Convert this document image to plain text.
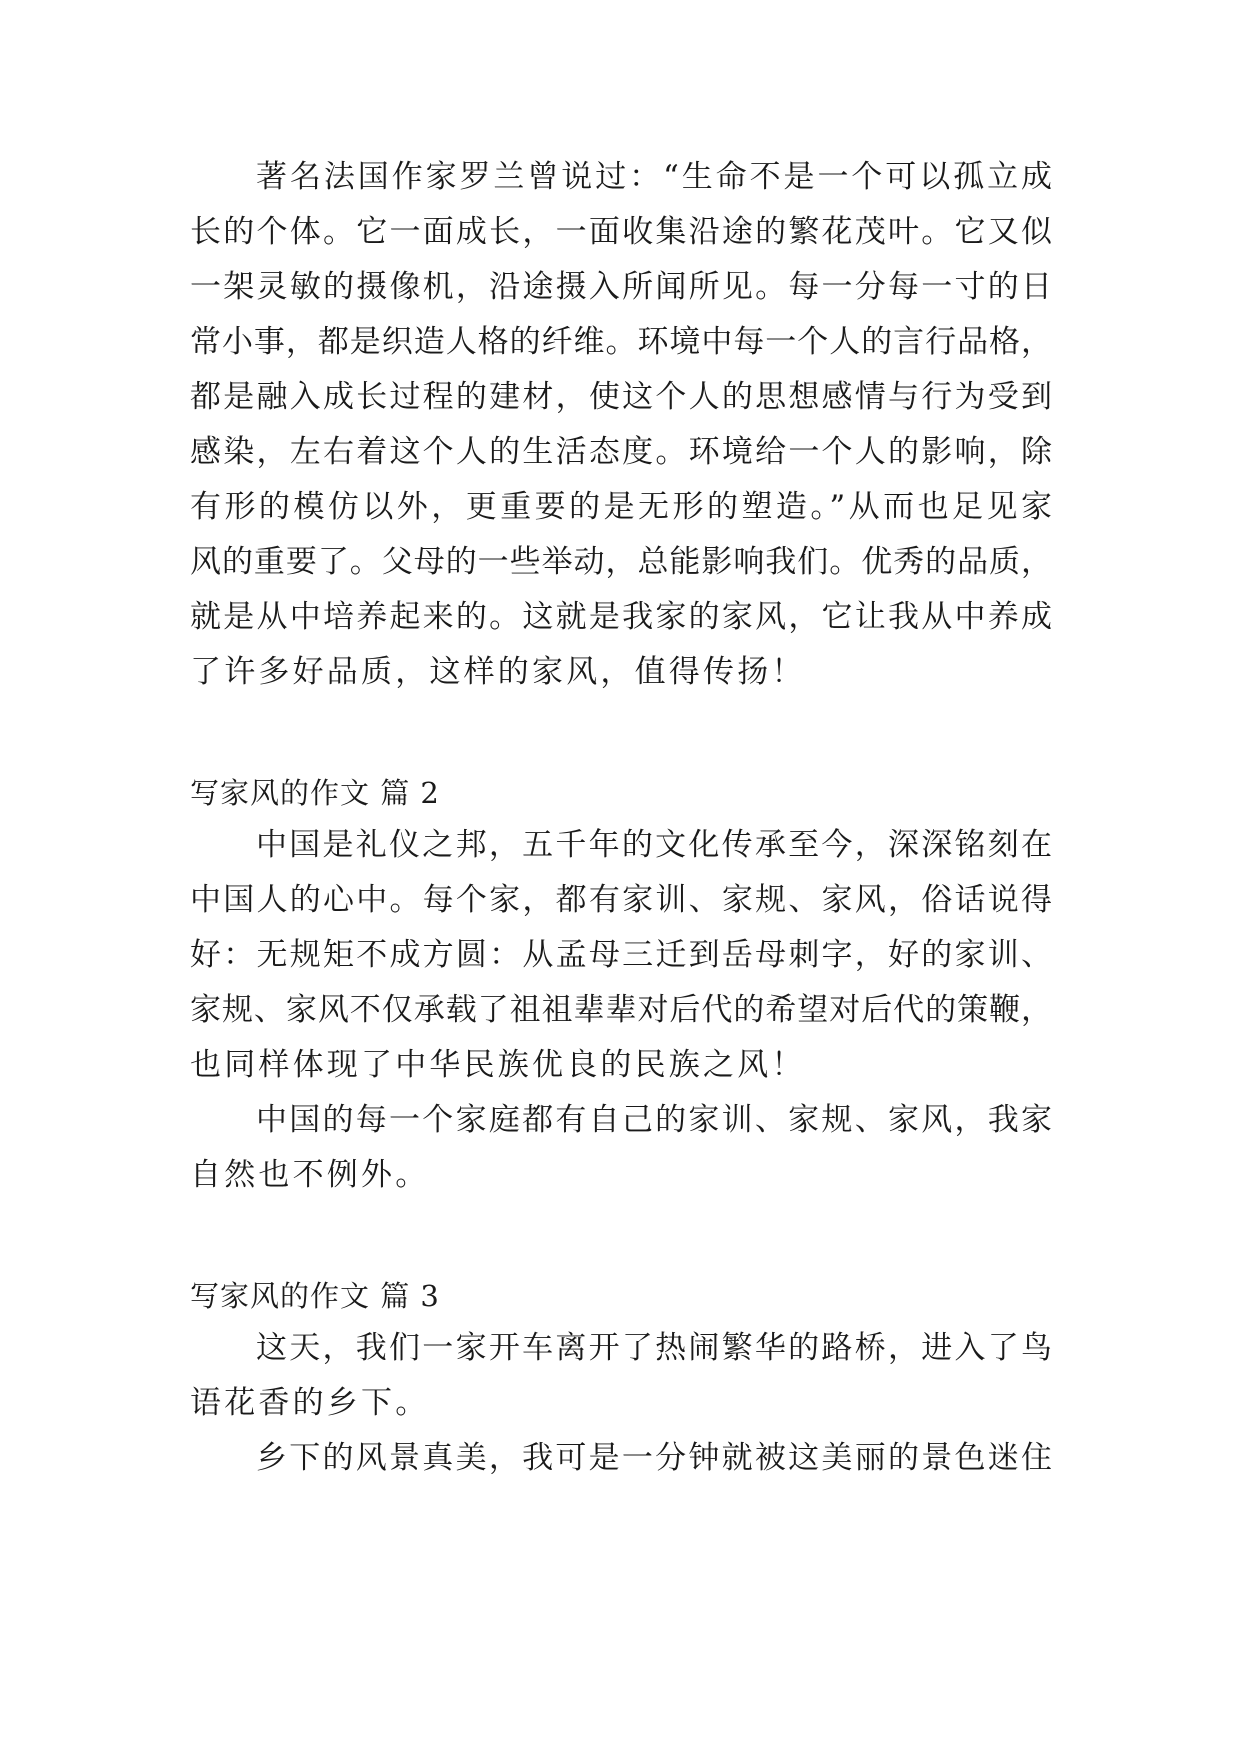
著名法国作家罗兰曾说过：“生命不是一个可以孤立成
长的个体。它一面成长，一面收集沿途的繁花茂叶。它又似
一架灵敏的摄像机，沿途摄入所闻所见。每一分每一寸的日
常小事，都是织造人格的纤维。环境中每一个人的言行品格，
都是融入成长过程的建材，使这个人的思想感情与行为受到
感染，左右着这个人的生活态度。环境给一个人的影响，除
有形的模仿以外，更重要的是无形的塑造。”从而也足见家
风的重要了。父母的一些举动，总能影响我们。优秀的品质，
就是从中培养起来的。这就是我家的家风，它让我从中养成
了许多好品质，这样的家风，值得传扬！
写家风的作文 篇 2
中国是礼仪之邦，五千年的文化传承至今，深深铭刻在
中国人的心中。每个家，都有家训、家规、家风，俗话说得
好：无规矩不成方圆：从孟母三迁到岳母刺字，好的家训、
家规、家风不仅承载了祖祖辈辈对后代的希望对后代的策鞭，
也同样体现了中华民族优良的民族之风！
中国的每一个家庭都有自己的家训、家规、家风，我家
自然也不例外。
写家风的作文 篇 3
这天，我们一家开车离开了热闹繁华的路桥，进入了鸟
语花香的乡下。
乡下的风景真美，我可是一分钟就被这美丽的景色迷住
